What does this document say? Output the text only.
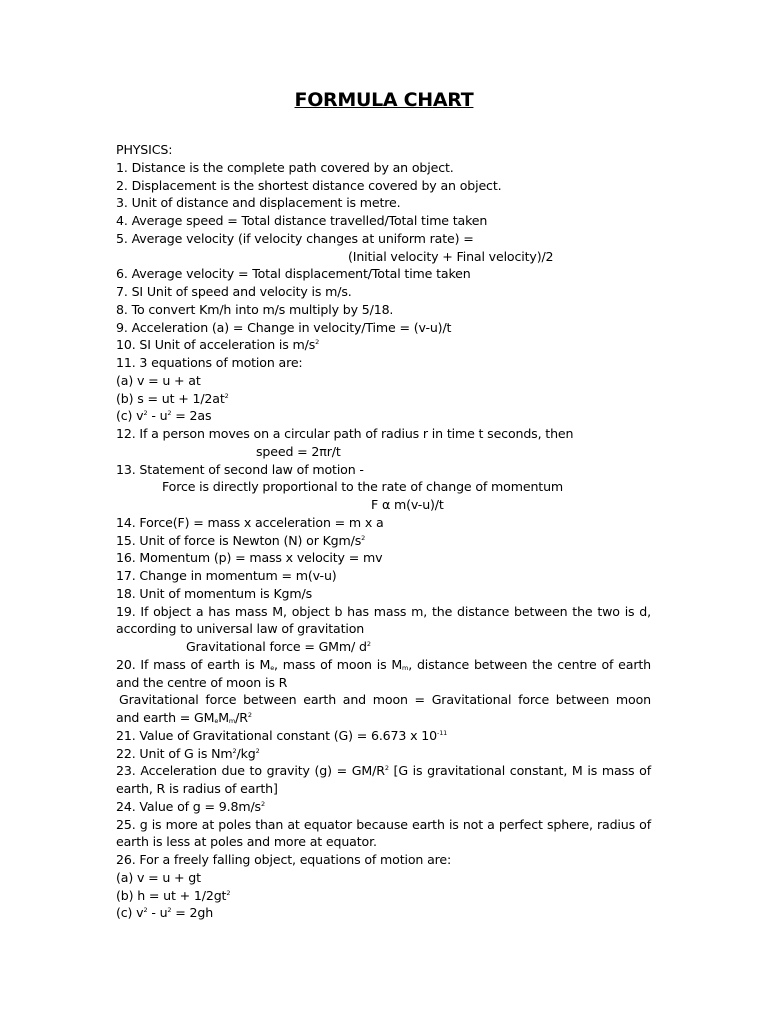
FORMULA CHART
PHYSICS:
1. Distance is the complete path covered by an object.
2. Displacement is the shortest distance covered by an object.
3. Unit of distance and displacement is metre.
4. Average speed = Total distance travelled/Total time taken
5. Average velocity (if velocity changes at uniform rate) =
(Initial velocity + Final velocity)/2
6. Average velocity = Total displacement/Total time taken
7. SI Unit of speed and velocity is m/s.
8. To convert Km/h into m/s multiply by 5/18.
9. Acceleration (a) = Change in velocity/Time = (v-u)/t
10. SI Unit of acceleration is $m/s^2$
11. 3 equations of motion are:
(a) v = u + at
(b) s = ut + $1/2at^2$
(c) $v^2 - u^2 = 2as$
12. If a person moves on a circular path of radius r in time t seconds, then
speed = 2πr/t
13. Statement of second law of motion -
Force is directly proportional to the rate of change of momentum
F α m(v-u)/t
14. Force(F) = mass x acceleration = m x a
15. Unit of force is Newton (N) or Kgm/$s^2$
16. Momentum (p) = mass x velocity = mv
17. Change in momentum = m(v-u)
18. Unit of momentum is Kgm/s
19. If object a has mass M, object b has mass m, the distance between the two is d,
according to universal law of gravitation
Gravitational force = GMm/ $d^2$
20. If mass of earth is $M_e$, mass of moon is $M_m$, distance between the centre of earth
and the centre of moon is R
Gravitational force between earth and moon = Gravitational force between moon
and earth = $GM_eM_m/R^2$
21. Value of Gravitational constant (G) = 6.673 x $10^{-11}$
22. Unit of G is $Nm^2/kg^2$
23. Acceleration due to gravity $(g) = GM/R^2$ [G is gravitational constant, M is mass of
earth, R is radius of earth]
24. Value of $g = 9.8m/s^2$
25. g is more at poles than at equator because earth is not a perfect sphere, radius of
earth is less at poles and more at equator.
26. For a freely falling object, equations of motion are:
(a) v = u + gt
(b) h = ut + $1/2gt^2$
(c) $v^2 - u^2 = 2gh$
